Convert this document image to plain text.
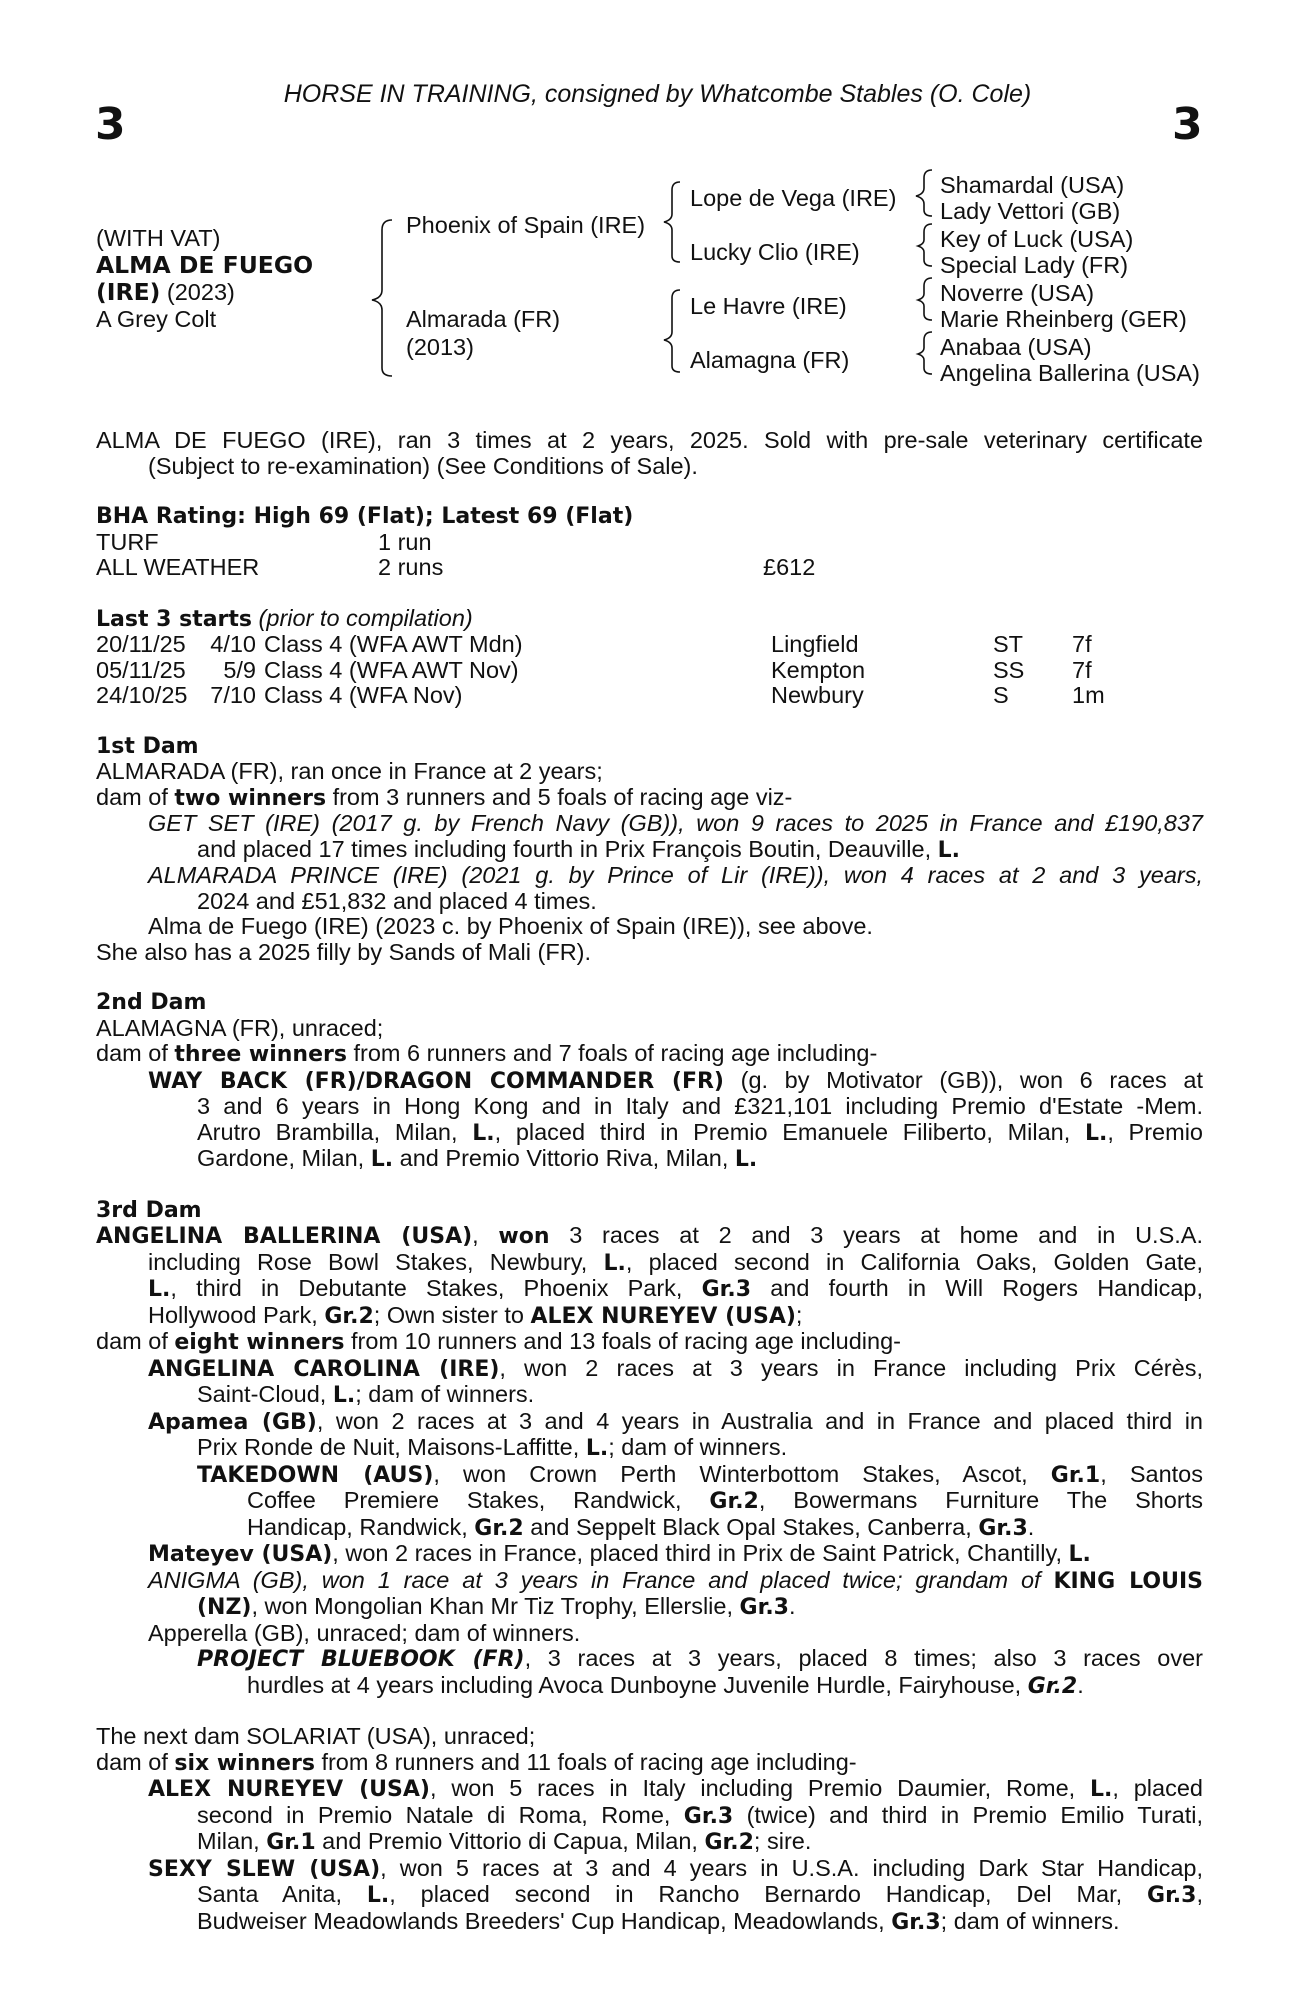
HORSE IN TRAINING, consigned by Whatcombe Stables (O. Cole)
3	3
(WITH VAT)
ALMA DE FUEGO
(IRE) (2023)
A Grey Colt
Phoenix of Spain (IRE)
Almarada (FR)
(2013)
Lope de Vega (IRE)
Lucky Clio (IRE)
Le Havre (IRE)
Alamagna (FR)
Shamardal (USA)
Lady Vettori (GB)
Key of Luck (USA)
Special Lady (FR)
Noverre (USA)
Marie Rheinberg (GER)
Anabaa (USA)
Angelina Ballerina (USA)
ALMA DE FUEGO (IRE), ran 3 times at 2 years, 2025. Sold with pre-sale veterinary certificate
(Subject to re-examination) (See Conditions of Sale).
BHA Rating: High 69 (Flat); Latest 69 (Flat)
TURF	1 run
ALL WEATHER	2 runs	£612
Last 3 starts (prior to compilation)
20/11/25	4/10 Class 4 (WFA AWT Mdn)	Lingfield	ST	7f
05/11/25	5/9 Class 4 (WFA AWT Nov)	Kempton	SS	7f
24/10/25 7/10 Class 4 (WFA Nov)	Newbury	S	1m
1st Dam
ALMARADA (FR), ran once in France at 2 years;
dam of two winners from 3 runners and 5 foals of racing age viz-
GET SET (IRE) (2017 g. by French Navy (GB)), won 9 races to 2025 in France and £190,837
and placed 17 times including fourth in Prix François Boutin, Deauville, L.
ALMARADA PRINCE (IRE) (2021 g. by Prince of Lir (IRE)), won 4 races at 2 and 3 years,
2024 and £51,832 and placed 4 times.
Alma de Fuego (IRE) (2023 c. by Phoenix of Spain (IRE)), see above.
She also has a 2025 filly by Sands of Mali (FR).
2nd Dam
ALAMAGNA (FR), unraced;
dam of three winners from 6 runners and 7 foals of racing age including-
WAY BACK (FR)/DRAGON COMMANDER (FR) (g. by Motivator (GB)), won 6 races at
3 and 6 years in Hong Kong and in Italy and £321,101 including Premio d'Estate -Mem.
Arutro Brambilla, Milan, L., placed third in Premio Emanuele Filiberto, Milan, L., Premio
Gardone, Milan, L. and Premio Vittorio Riva, Milan, L.
3rd Dam
ANGELINA BALLERINA (USA), won 3 races at 2 and 3 years at home and in U.S.A.
including Rose Bowl Stakes, Newbury, L., placed second in California Oaks, Golden Gate,
L., third in Debutante Stakes, Phoenix Park, Gr.3 and fourth in Will Rogers Handicap,
Hollywood Park, Gr.2; Own sister to ALEX NUREYEV (USA);
dam of eight winners from 10 runners and 13 foals of racing age including-
ANGELINA CAROLINA (IRE), won 2 races at 3 years in France including Prix Cérès,
Saint-Cloud, L.; dam of winners.
Apamea (GB), won 2 races at 3 and 4 years in Australia and in France and placed third in
Prix Ronde de Nuit, Maisons-Laffitte, L.; dam of winners.
TAKEDOWN (AUS), won Crown Perth Winterbottom Stakes, Ascot, Gr.1, Santos
Coffee Premiere Stakes, Randwick, Gr.2, Bowermans Furniture The Shorts
Handicap, Randwick, Gr.2 and Seppelt Black Opal Stakes, Canberra, Gr.3.
Mateyev (USA), won 2 races in France, placed third in Prix de Saint Patrick, Chantilly, L.
ANIGMA (GB), won 1 race at 3 years in France and placed twice; grandam of KING LOUIS
(NZ), won Mongolian Khan Mr Tiz Trophy, Ellerslie, Gr.3.
Apperella (GB), unraced; dam of winners.
PROJECT BLUEBOOK (FR), 3 races at 3 years, placed 8 times; also 3 races over
hurdles at 4 years including Avoca Dunboyne Juvenile Hurdle, Fairyhouse, Gr.2.
The next dam SOLARIAT (USA), unraced;
dam of six winners from 8 runners and 11 foals of racing age including-
ALEX NUREYEV (USA), won 5 races in Italy including Premio Daumier, Rome, L., placed
second in Premio Natale di Roma, Rome, Gr.3 (twice) and third in Premio Emilio Turati,
Milan, Gr.1 and Premio Vittorio di Capua, Milan, Gr.2; sire.
SEXY SLEW (USA), won 5 races at 3 and 4 years in U.S.A. including Dark Star Handicap,
Santa Anita, L., placed second in Rancho Bernardo Handicap, Del Mar, Gr.3,
Budweiser Meadowlands Breeders' Cup Handicap, Meadowlands, Gr.3; dam of winners.
